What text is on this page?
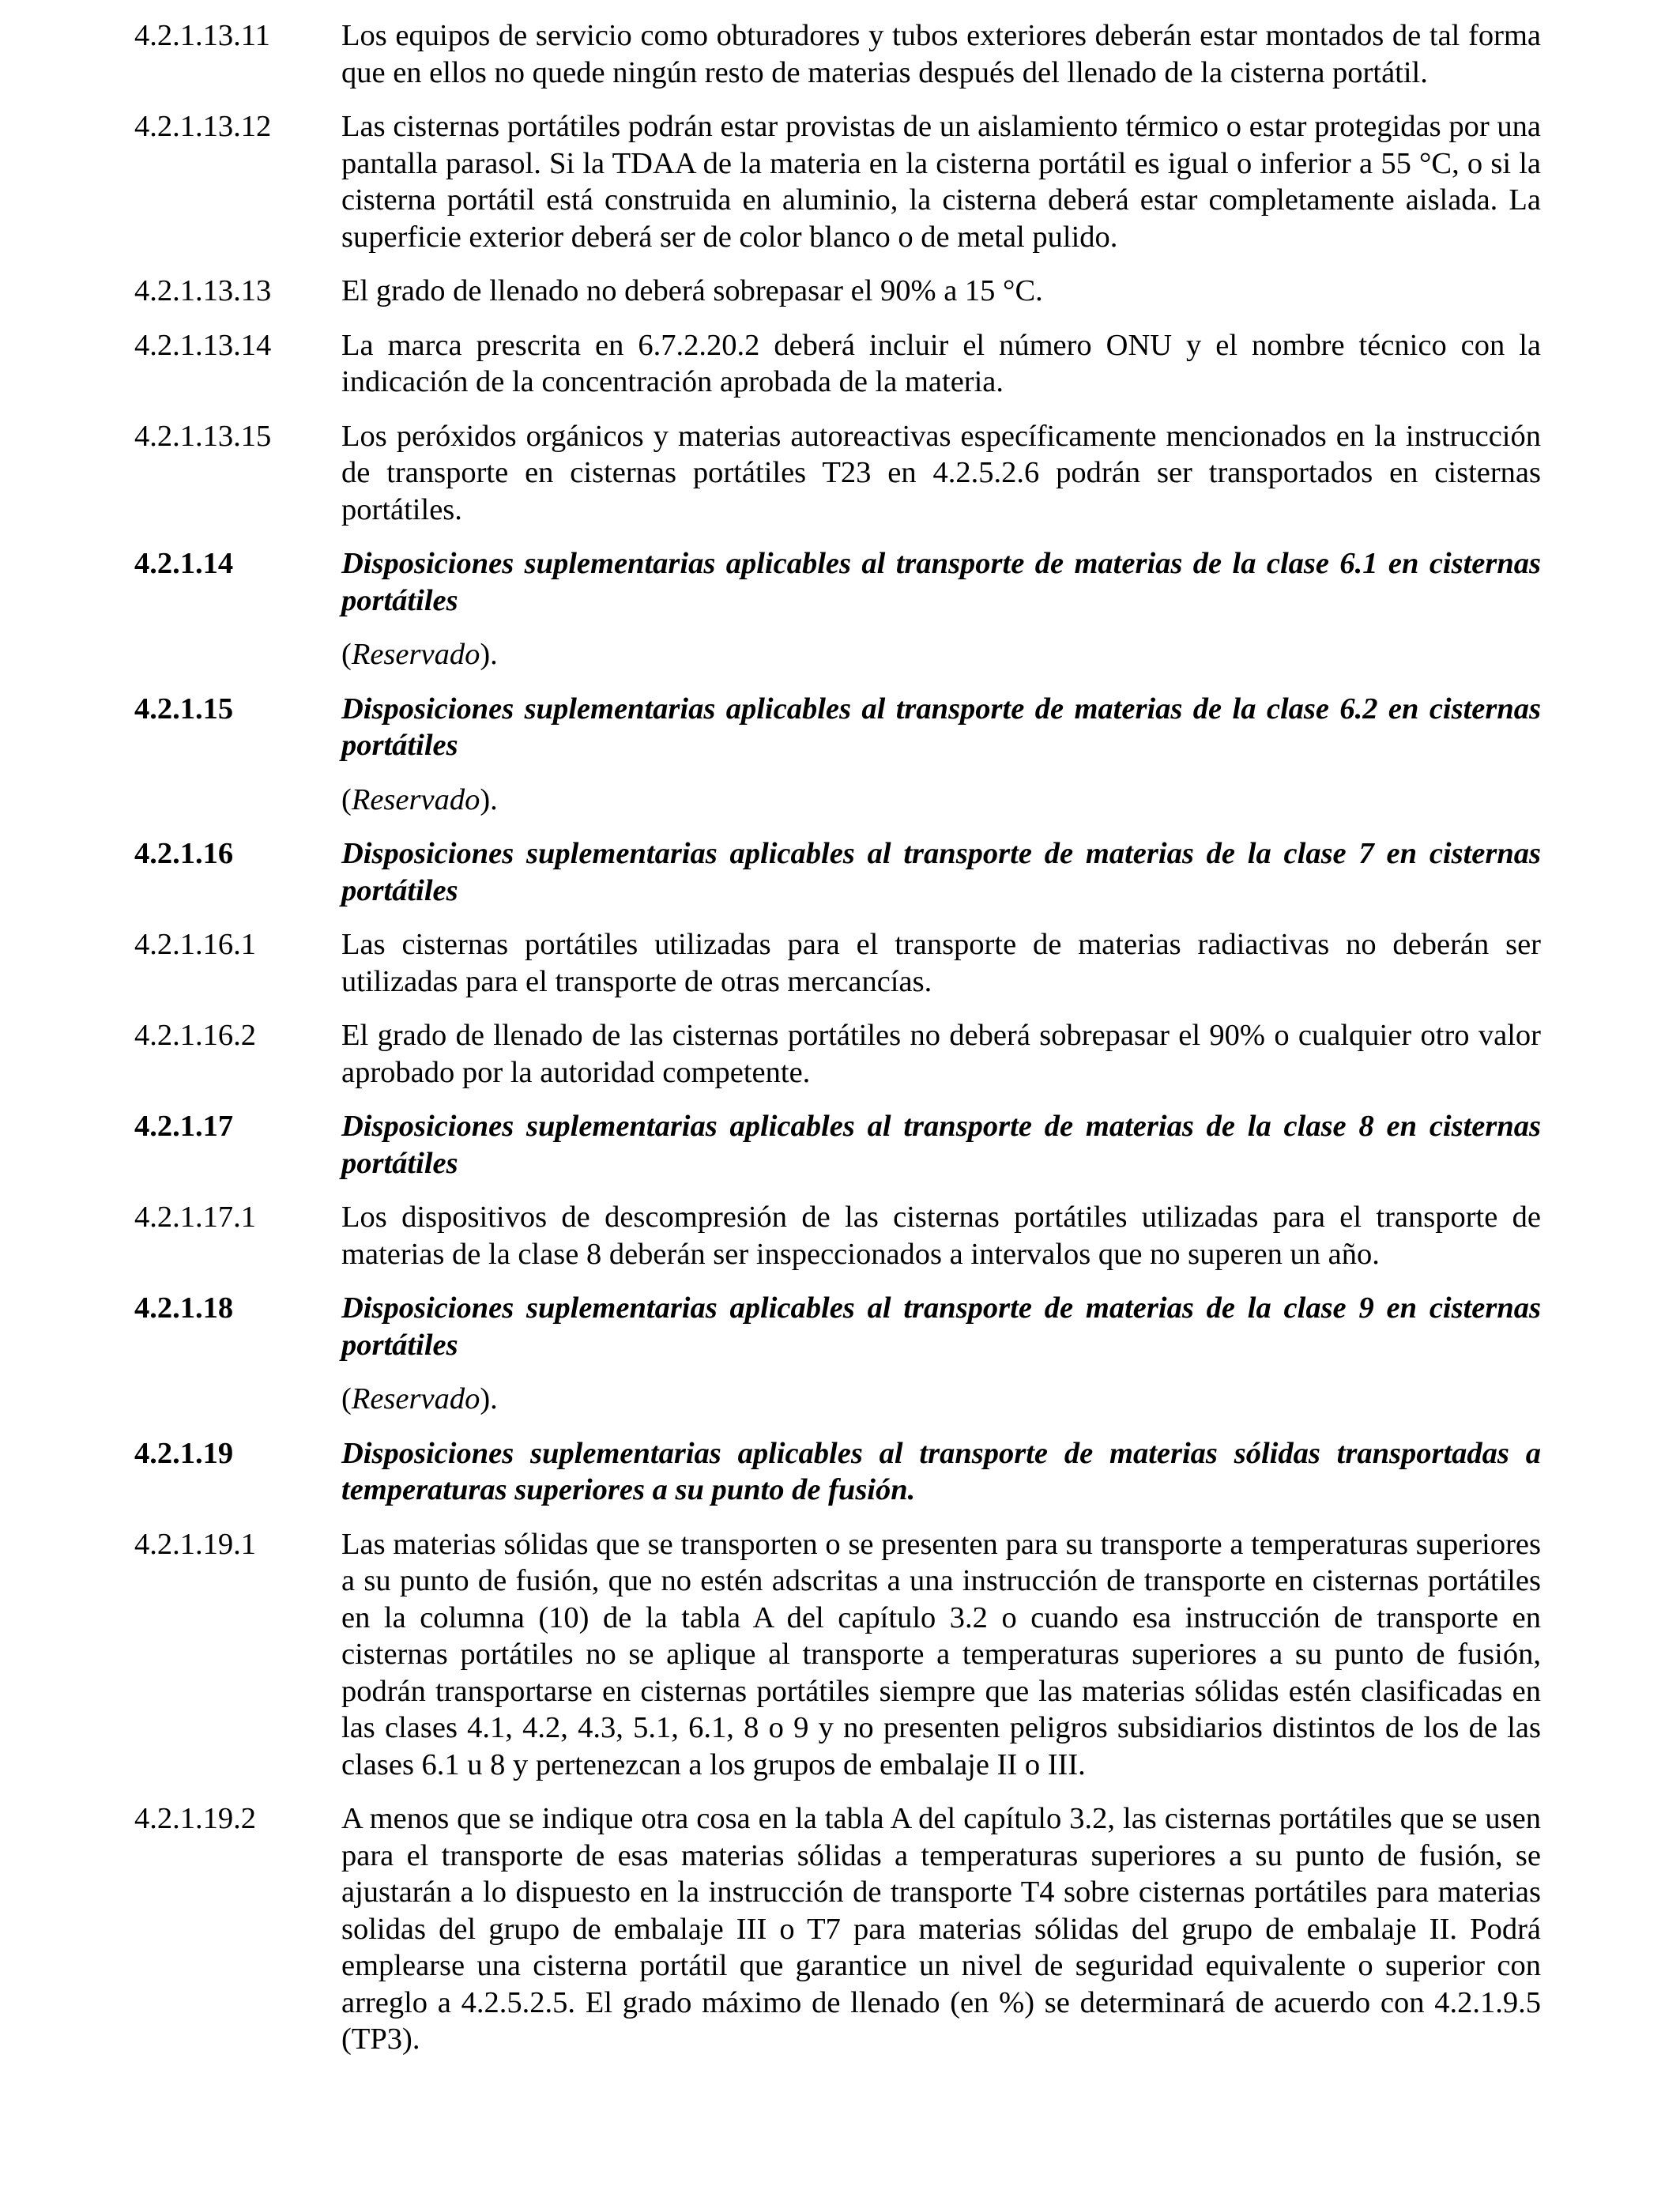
4.2.1.13.11	Los equipos de servicio como obturadores y tubos exteriores deberán estar montados de tal forma que en ellos no quede ningún resto de materias después del llenado de la cisterna portátil.
4.2.1.13.12	Las cisternas portátiles podrán estar provistas de un aislamiento térmico o estar protegidas por una pantalla parasol. Si la TDAA de la materia en la cisterna portátil es igual o inferior a 55 °C, o si la cisterna portátil está construida en aluminio, la cisterna deberá estar completamente aislada. La superficie exterior deberá ser de color blanco o de metal pulido.
4.2.1.13.13	El grado de llenado no deberá sobrepasar el 90% a 15 °C.
4.2.1.13.14	La marca prescrita en 6.7.2.20.2 deberá incluir el número ONU y el nombre técnico con la indicación de la concentración aprobada de la materia.
4.2.1.13.15	Los peróxidos orgánicos y materias autoreactivas específicamente mencionados en la instrucción de transporte en cisternas portátiles T23 en 4.2.5.2.6 podrán ser transportados en cisternas portátiles.
4.2.1.14	Disposiciones suplementarias aplicables al transporte de materias de la clase 6.1 en cisternas portátiles
(Reservado).
4.2.1.15	Disposiciones suplementarias aplicables al transporte de materias de la clase 6.2 en cisternas portátiles
(Reservado).
4.2.1.16	Disposiciones suplementarias aplicables al transporte de materias de la clase 7 en cisternas portátiles
4.2.1.16.1	Las cisternas portátiles utilizadas para el transporte de materias radiactivas no deberán ser utilizadas para el transporte de otras mercancías.
4.2.1.16.2	El grado de llenado de las cisternas portátiles no deberá sobrepasar el 90% o cualquier otro valor aprobado por la autoridad competente.
4.2.1.17	Disposiciones suplementarias aplicables al transporte de materias de la clase 8 en cisternas portátiles
4.2.1.17.1	Los dispositivos de descompresión de las cisternas portátiles utilizadas para el transporte de materias de la clase 8 deberán ser inspeccionados a intervalos que no superen un año.
4.2.1.18	Disposiciones suplementarias aplicables al transporte de materias de la clase 9 en cisternas portátiles
(Reservado).
4.2.1.19	Disposiciones suplementarias aplicables al transporte de materias sólidas transportadas a temperaturas superiores a su punto de fusión.
4.2.1.19.1	Las materias sólidas que se transporten o se presenten para su transporte a temperaturas superiores a su punto de fusión, que no estén adscritas a una instrucción de transporte en cisternas portátiles en la columna (10) de la tabla A del capítulo 3.2 o cuando esa instrucción de transporte en cisternas portátiles no se aplique al transporte a temperaturas superiores a su punto de fusión, podrán transportarse en cisternas portátiles siempre que las materias sólidas estén clasificadas en las clases 4.1, 4.2, 4.3, 5.1, 6.1, 8 o 9 y no presenten peligros subsidiarios distintos de los de las clases 6.1 u 8 y pertenezcan a los grupos de embalaje II o III.
4.2.1.19.2	A menos que se indique otra cosa en la tabla A del capítulo 3.2, las cisternas portátiles que se usen para el transporte de esas materias sólidas a temperaturas superiores a su punto de fusión, se ajustarán a lo dispuesto en la instrucción de transporte T4 sobre cisternas portátiles para materias solidas del grupo de embalaje III o T7 para materias sólidas del grupo de embalaje II. Podrá emplearse una cisterna portátil que garantice un nivel de seguridad equivalente o superior con arreglo a 4.2.5.2.5. El grado máximo de llenado (en %) se determinará de acuerdo con 4.2.1.9.5 (TP3).
